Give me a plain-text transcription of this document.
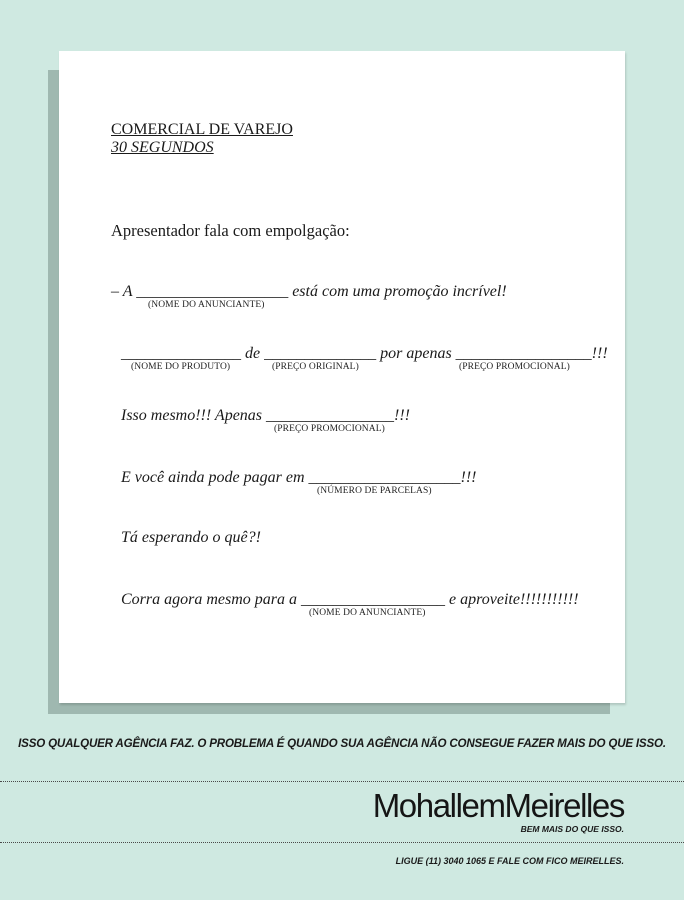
COMERCIAL DE VAREJO
30 SEGUNDOS
Apresentador fala com empolgação:
– A ___________________ está com uma promoção incrível!
(NOME DO ANUNCIANTE)
_______________ de ______________ por apenas _________________!!!
(NOME DO PRODUTO)	(PREÇO ORIGINAL)	(PREÇO PROMOCIONAL)
Isso mesmo!!! Apenas ________________!!!
(PREÇO PROMOCIONAL)
E você ainda pode pagar em ___________________!!!
(NÚMERO DE PARCELAS)
Tá esperando o quê?!
Corra agora mesmo para a __________________ e aproveite!!!!!!!!!!!
(NOME DO ANUNCIANTE)
ISSO QUALQUER AGÊNCIA FAZ. O PROBLEMA É QUANDO SUA AGÊNCIA NÃO CONSEGUE FAZER MAIS DO QUE ISSO.
MohallemMeirelles
BEM MAIS DO QUE ISSO.
LIGUE (11) 3040 1065 E FALE COM FICO MEIRELLES.
